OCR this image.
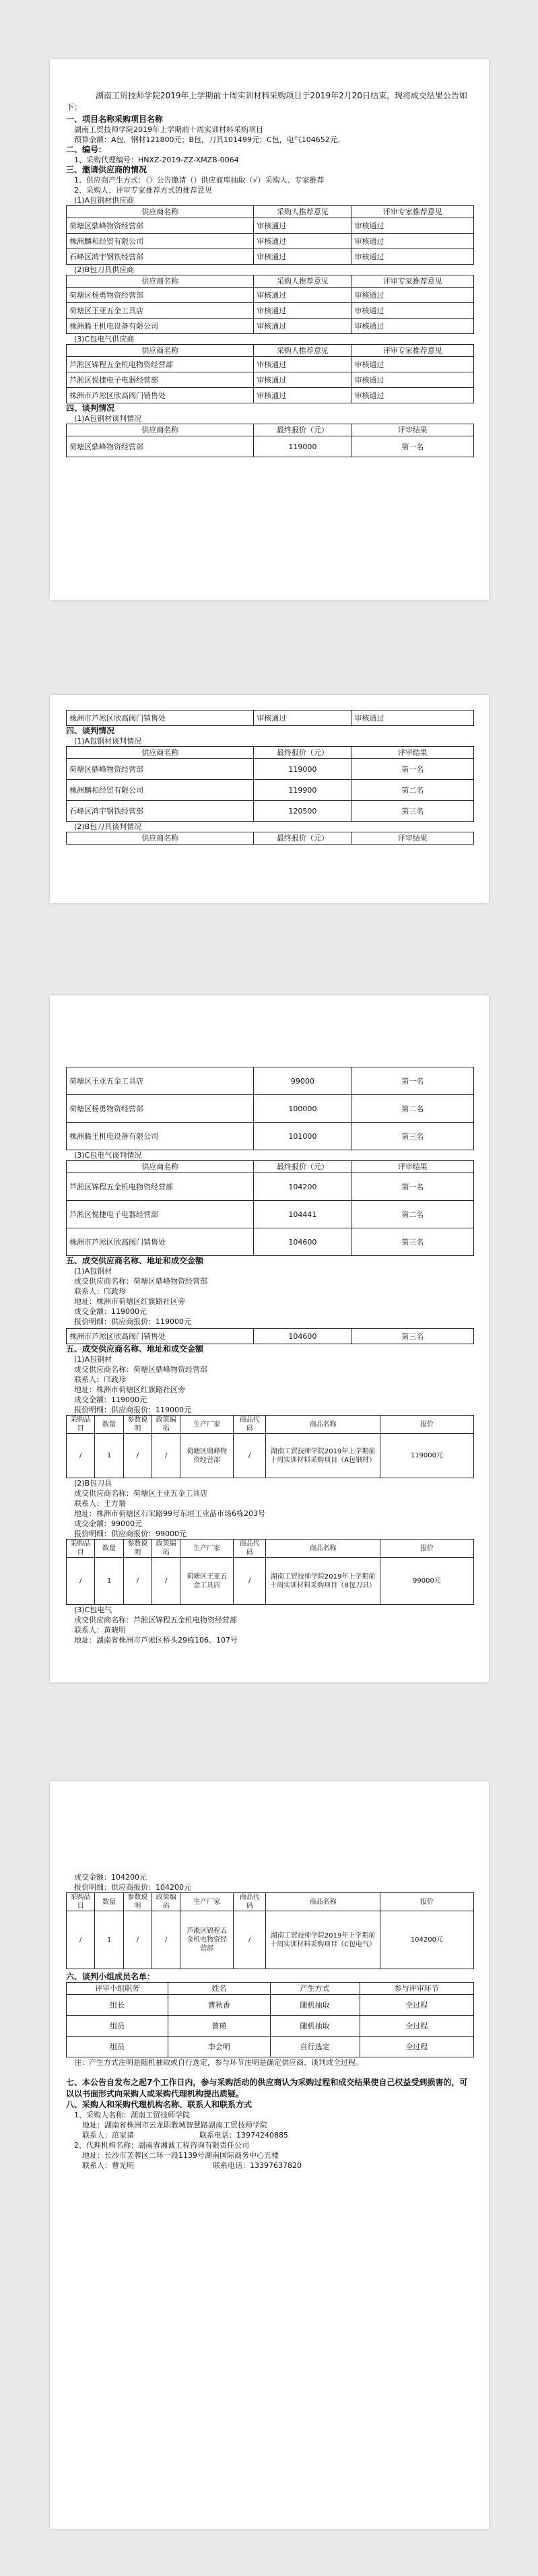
湖南工贸技师学院2019年上学期前十周实训材料采购项目于2019年2月20日结束，现将成交结果公告如下：

一、项目名称采购项目名称

湖南工贸技师学院2019年上学期前十周实训材料采购项目

预算金额：A包，钢材121800元；B包，刀具101499元；C包，电气104652元。

二、编号：

1、采购代理编号：HNXZ-2019-ZZ-XMZB-0064

三、邀请供应商的情况

1、供应商产生方式：（）公告邀请（）供应商库抽取（√）采购人、专家推荐

2、采购人、评审专家推荐方式的推荐意见

(1)A包钢材供应商

供应商名称	采购人推荐意见	评审专家推荐意见
荷塘区鼎峰物资经营部	审核通过	审核通过
株洲麟和经贸有限公司	审核通过	审核通过
石峰区鸿宇钢铁经营部	审核通过	审核通过

(2)B包刀具供应商

供应商名称	采购人推荐意见	评审专家推荐意见
荷塘区杨勇物资经营部	审核通过	审核通过
荷塘区王亚五金工具店	审核通过	审核通过
株洲腾王机电设备有限公司	审核通过	审核通过

(3)C包电气供应商

供应商名称	采购人推荐意见	评审专家推荐意见
芦淞区锦程五金机电物资经营部	审核通过	审核通过
芦淞区悦捷电子电器经营部	审核通过	审核通过
株洲市芦淞区欣高阀门销售处	审核通过	审核通过

四、谈判情况

(1)A包钢材谈判情况

供应商名称	最终报价（元）	评审结果
荷塘区鼎峰物资经营部	119000	第一名
株洲市芦淞区欣高阀门销售处	审核通过	审核通过

四、谈判情况

(1)A包钢材谈判情况

供应商名称	最终报价（元）	评审结果
荷塘区鼎峰物资经营部	119000	第一名
株洲麟和经贸有限公司	119900	第二名
石峰区鸿宇钢铁经营部	120500	第三名

(2)B包刀具谈判情况

供应商名称	最终报价（元）	评审结果
荷塘区王亚五金工具店	99000	第一名
荷塘区杨勇物资经营部	100000	第二名
株洲腾王机电设备有限公司	101000	第三名

(3)C包电气谈判情况

供应商名称	最终报价（元）	评审结果
芦淞区锦程五金机电物资经营部	104200	第一名
芦淞区悦捷电子电器经营部	104441	第二名
株洲市芦淞区欣高阀门销售处	104600	第三名

五、成交供应商名称、地址和成交金额

(1)A包钢材

成交供应商名称：荷塘区鼎峰物资经营部

联系人：邝政珍

地址：株洲市荷塘区红旗路社区旁

成交金额：119000元

报价明细：供应商报价：119000元

株洲市芦淞区欣高阀门销售处	104600	第三名

五、成交供应商名称、地址和成交金额

(1)A包钢材

成交供应商名称：荷塘区鼎峰物资经营部

联系人：邝政珍

地址：株洲市荷塘区红旗路社区旁

成交金额：119000元

报价明细：供应商报价：119000元

采购品目	数量	参数说明	政策编码	生产厂家	商品代码	商品名称	报价
/	1	/	/	荷塘区鼎峰物资经营部	/	湖南工贸技师学院2019年上学期前十周实训材料采购项目（A包钢材）	119000元

(2)B包刀具

成交供应商名称：荷塘区王亚五金工具店

联系人：王方瑞

地址：株洲市荷塘区石宋路99号东垣工业品市场6栋203号

成交金额：99000元

报价明细：供应商报价：99000元

采购品目	数量	参数说明	政策编码	生产厂家	商品代码	商品名称	报价
/	1	/	/	荷塘区王亚五金工具店	/	湖南工贸技师学院2019年上学期前十周实训材料采购项目（B包刀具）	99000元

(3)C包电气

成交供应商名称：芦淞区锦程五金机电物资经营部

联系人：黄晓明

地址：湖南省株洲市芦淞区桥头29栋106、107号

成交金额：104200元

报价明细：供应商报价：104200元

采购品目	数量	参数说明	政策编码	生产厂家	商品代码	商品名称	报价
/	1	/	/	芦淞区锦程五金机电物资经营部	/	湖南工贸技师学院2019年上学期前十周实训材料采购项目（C包电气）	104200元

六、谈判小组成员名单：

评审小组职务	姓名	产生方式	参与评审环节
组长	曹秋香	随机抽取	全过程
组员	曾瑛	随机抽取	全过程
组员	李会明	自行选定	全过程

注：产生方式注明是随机抽取或自行选定，参与环节注明是确定供应商、谈判或全过程。

七、本公告自发布之起7个工作日内，参与采购活动的供应商认为采购过程和成交结果使自己权益受到损害的，可以以书面形式向采购人或采购代理机构提出质疑。

八、采购人和采购代理机构名称、联系人和联系方式

1、采购人名称：湖南工贸技师学院

地址：湖南省株洲市云龙职教城智慧路湖南工贸技师学院

联系人：范家诸	联系电话：13974240885

2、代理机构名称：湖南省湘诚工程咨询有限责任公司

地址：长沙市芙蓉区二环一段1139号湖南国际商务中心五楼

联系人：曹光明	联系电话：13397637820
